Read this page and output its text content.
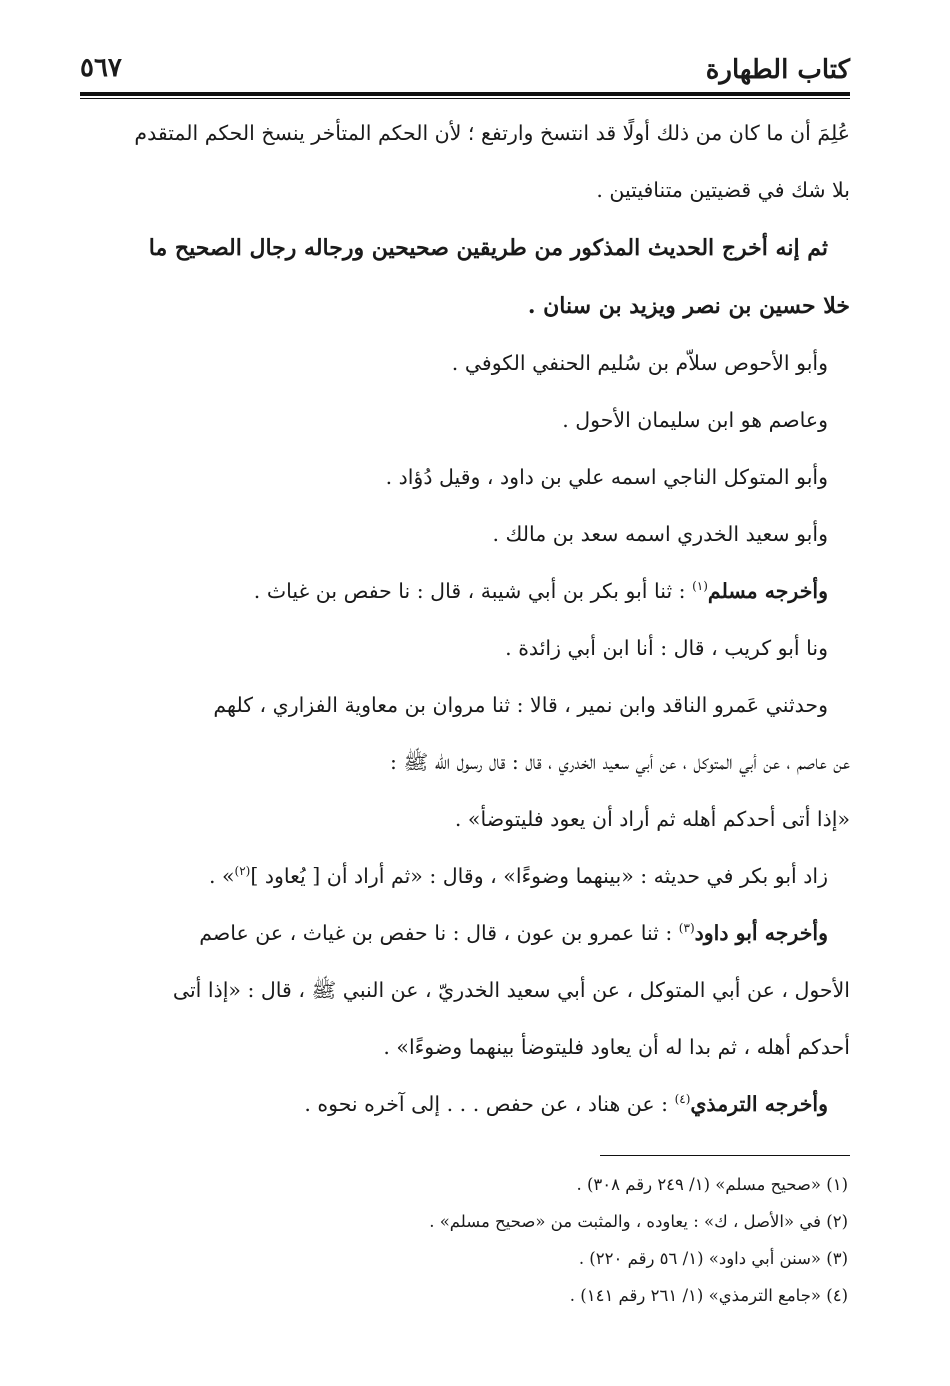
كتاب الطهارة
٥٦٧

عُلِمَ أن ما كان من ذلك أولًا قد انتسخ وارتفع ؛ لأن الحكم المتأخر ينسخ الحكم المتقدم
بلا شك في قضيتين متنافيتين .

ثم إنه أخرج الحديث المذكور من طريقين صحيحين ورجاله رجال الصحيح ما
خلا حسين بن نصر ويزيد بن سنان .

وأبو الأحوص سلاّم بن سُليم الحنفي الكوفي .

وعاصم هو ابن سليمان الأحول .

وأبو المتوكل الناجي اسمه علي بن داود ، وقيل دُؤاد .

وأبو سعيد الخدري اسمه سعد بن مالك .

وأخرجه مسلم$^{(١)}$ : ثنا أبو بكر بن أبي شيبة ، قال : نا حفص بن غياث .

ونا أبو كريب ، قال : أنا ابن أبي زائدة .

وحدثني عَمرو الناقد وابن نمير ، قالا : ثنا مروان بن معاوية الفزاري ، كلهم
عن عاصم ، عن أبي المتوكل ، عن أبي سعيد الخدري ، قال : قال رسول الله ﷺ :
«إذا أتى أحدكم أهله ثم أراد أن يعود فليتوضأ» .

زاد أبو بكر في حديثه : «بينهما وضوءًا» ، وقال : «ثم أراد أن [ يُعاود ]$^{(٢)}$» .

وأخرجه أبو داود$^{(٣)}$ : ثنا عمرو بن عون ، قال : نا حفص بن غياث ، عن عاصم
الأحول ، عن أبي المتوكل ، عن أبي سعيد الخدريّ ، عن النبي ﷺ ، قال : «إذا أتى
أحدكم أهله ، ثم بدا له أن يعاود فليتوضأ بينهما وضوءًا» .

وأخرجه الترمذي$^{(٤)}$ : عن هناد ، عن حفص . . . إلى آخره نحوه .

(١) «صحيح مسلم» (١/ ٢٤٩ رقم ٣٠٨) .

(٢) في «الأصل ، ك» : يعاوده ، والمثبت من «صحيح مسلم» .

(٣) «سنن أبي داود» (١/ ٥٦ رقم ٢٢٠) .

(٤) «جامع الترمذي» (١/ ٢٦١ رقم ١٤١) .
